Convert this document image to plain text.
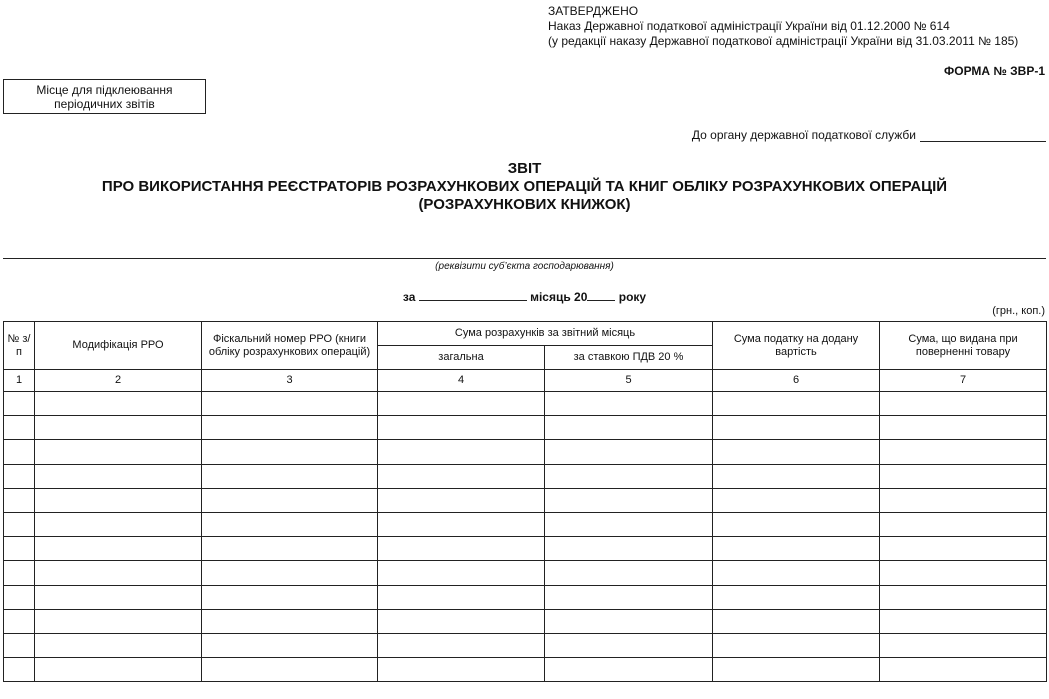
ЗАТВЕРДЖЕНО
Наказ Державної податкової адміністрації України від 01.12.2000 № 614
(у редакції наказу Державної податкової адміністрації України від 31.03.2011 № 185)
ФОРМА № ЗВР-1
Місце для підклеювання
періодичних звітів
До органу державної податкової служби
ЗВІТ
ПРО ВИКОРИСТАННЯ РЕЄСТРАТОРІВ РОЗРАХУНКОВИХ ОПЕРАЦІЙ ТА КНИГ ОБЛІКУ РОЗРАХУНКОВИХ ОПЕРАЦІЙ
(РОЗРАХУНКОВИХ КНИЖОК)
(реквізити суб’єкта господарювання)
за	місяць 20	року
(грн., коп.)
№ з/п	Модифікація РРО	Фіскальний номер РРО (книги обліку розрахункових операцій)	Сума розрахунків за звітний місяць		Сума податку на додану вартість	Сума, що видана при поверненні товару
			загальна	за ставкою ПДВ 20 %		
1	2	3	4	5	6	7
